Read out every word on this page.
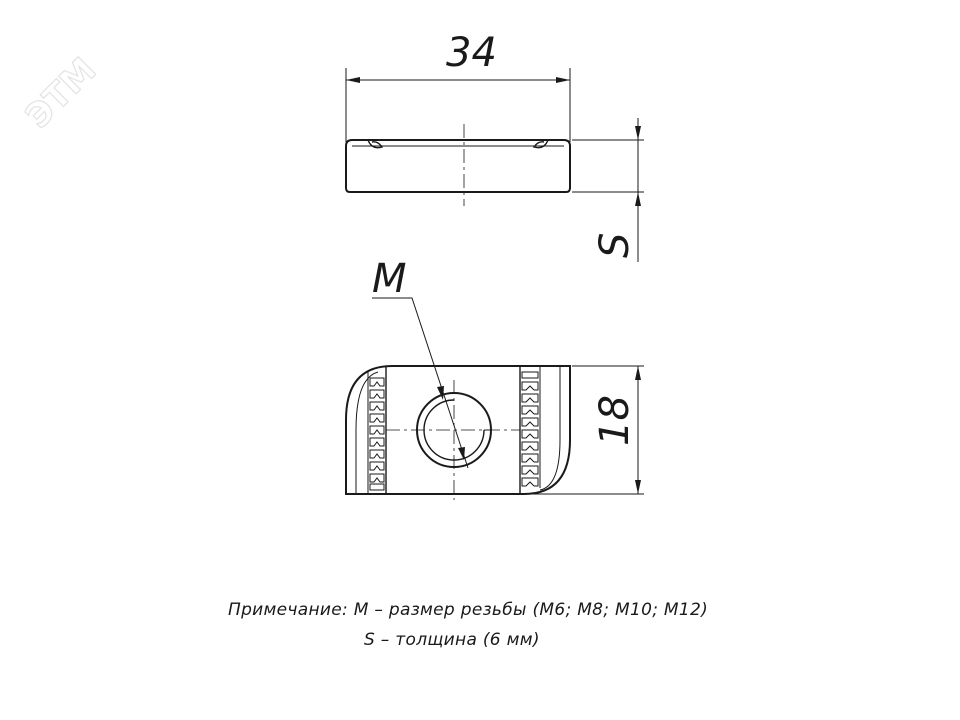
ЭТМ	34
S
M
18
Примечание: М – размер резьбы (М6; М8; М10; М12)
S – толщина (6 мм)
